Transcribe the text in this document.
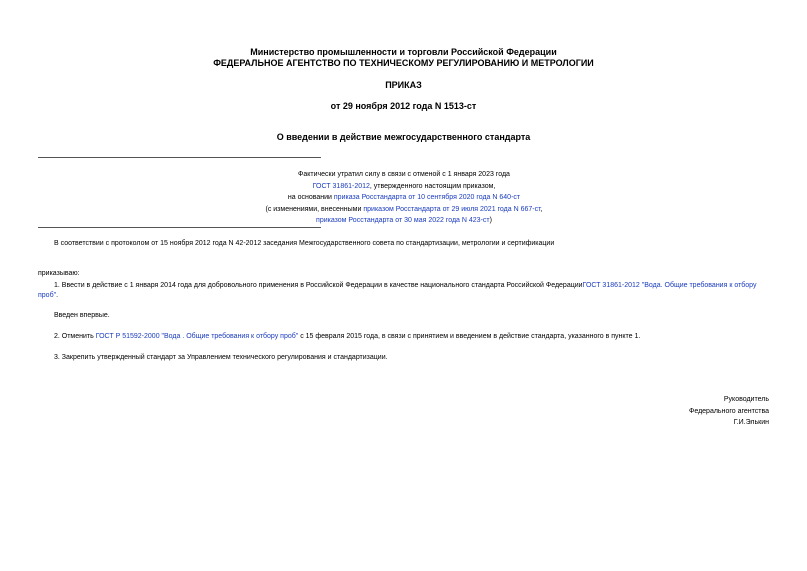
Министерство промышленности и торговли Российской Федерации
ФЕДЕРАЛЬНОЕ АГЕНТСТВО ПО ТЕХНИЧЕСКОМУ РЕГУЛИРОВАНИЮ И МЕТРОЛОГИИ
ПРИКАЗ
от 29 ноября 2012 года N 1513-ст
О введении в действие межгосударственного стандарта
Фактически утратил силу в связи с отменой с 1 января 2023 года
ГОСТ 31861-2012, утвержденного настоящим приказом,
на основании приказа Росстандарта от 10 сентября 2020 года N 640-ст
(с изменениями, внесенными приказом Росстандарта от 29 июля 2021 года N 667-ст,
приказом Росстандарта от 30 мая 2022 года N 423-ст)
В соответствии с протоколом от 15 ноября 2012 года N 42-2012 заседания Межгосударственного совета по стандартизации, метрологии и сертификации
приказываю:
1. Ввести в действие с 1 января 2014 года для добровольного применения в Российской Федерации в качестве национального стандарта Российской ФедерацииГОСТ 31861-2012 "Вода. Общие требования к отбору проб".
Введен впервые.
2. Отменить ГОСТ Р 51592-2000 "Вода . Общие требования к отбору проб" с 15 февраля 2015 года, в связи с принятием и введением в действие стандарта, указанного в пункте 1.
3. Закрепить утвержденный стандарт за Управлением технического регулирования и стандартизации.
Руководитель
Федерального агентства
Г.И.Элькин
